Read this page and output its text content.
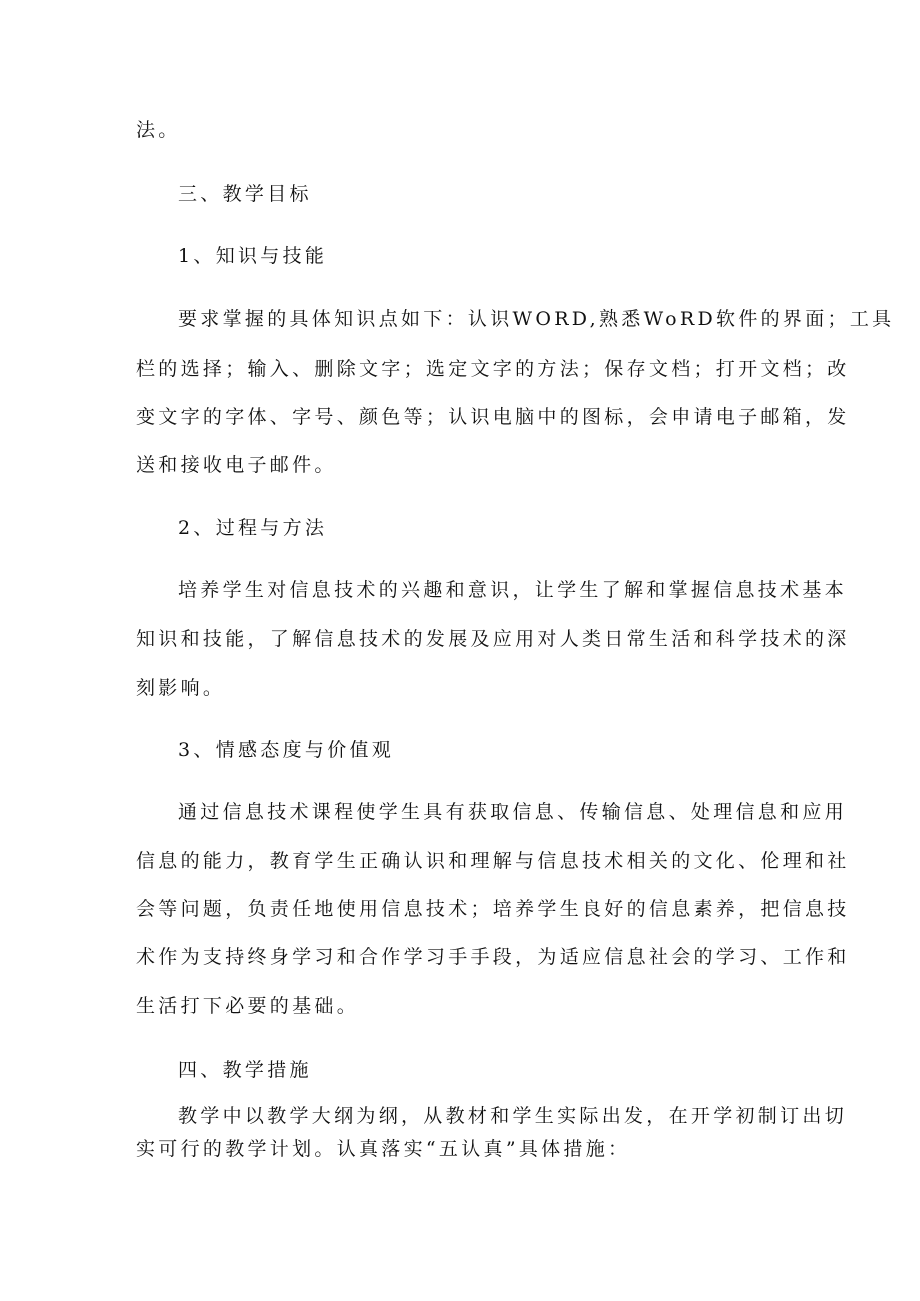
法。
三、教学目标
1、知识与技能
要求掌握的具体知识点如下：认识WORD,熟悉WoRD软件的界面；工具
栏的选择；输入、删除文字；选定文字的方法；保存文档；打开文档；改
变文字的字体、字号、颜色等；认识电脑中的图标，会申请电子邮箱，发
送和接收电子邮件。
2、过程与方法
培养学生对信息技术的兴趣和意识，让学生了解和掌握信息技术基本
知识和技能，了解信息技术的发展及应用对人类日常生活和科学技术的深
刻影响。
3、情感态度与价值观
通过信息技术课程使学生具有获取信息、传输信息、处理信息和应用
信息的能力，教育学生正确认识和理解与信息技术相关的文化、伦理和社
会等问题，负责任地使用信息技术；培养学生良好的信息素养，把信息技
术作为支持终身学习和合作学习手手段，为适应信息社会的学习、工作和
生活打下必要的基础。
四、教学措施
教学中以教学大纲为纲，从教材和学生实际出发，在开学初制订出切
实可行的教学计划。认真落实“五认真”具体措施：
